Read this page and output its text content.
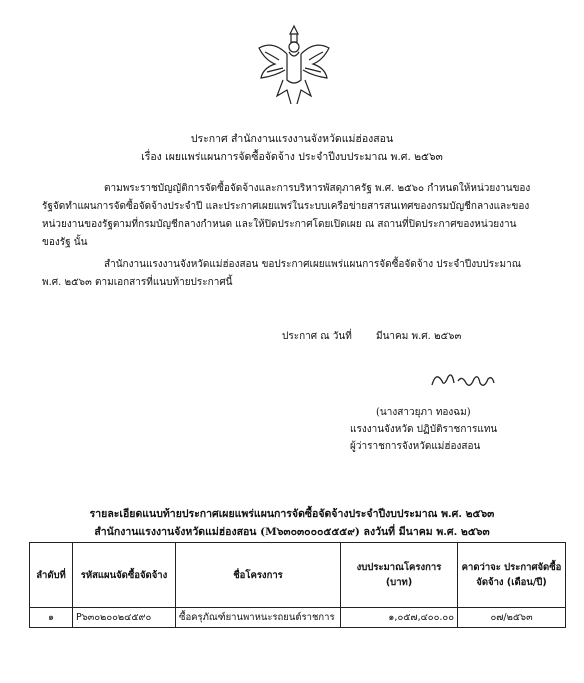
ประกาศ สำนักงานแรงงานจังหวัดแม่ฮ่องสอน
เรื่อง เผยแพร่แผนการจัดซื้อจัดจ้าง ประจำปีงบประมาณ พ.ศ. ๒๕๖๓
ตามพระราชบัญญัติการจัดซื้อจัดจ้างและการบริหารพัสดุภาครัฐ พ.ศ. ๒๕๖๐ กำหนดให้หน่วยงานของ
รัฐจัดทำแผนการจัดซื้อจัดจ้างประจำปี และประกาศเผยแพร่ในระบบเครือข่ายสารสนเทศของกรมบัญชีกลางและของ
หน่วยงานของรัฐตามที่กรมบัญชีกลางกำหนด และให้ปิดประกาศโดยเปิดเผย ณ สถานที่ปิดประกาศของหน่วยงาน
ของรัฐ นั้น
สำนักงานแรงงานจังหวัดแม่ฮ่องสอน ขอประกาศเผยแพร่แผนการจัดซื้อจัดจ้าง ประจำปีงบประมาณ
พ.ศ. ๒๕๖๓ ตามเอกสารที่แนบท้ายประกาศนี้
ประกาศ ณ วันที่ มีนาคม พ.ศ. ๒๕๖๓
(นางสาวยุภา ทองฉม)
แรงงานจังหวัด ปฏิบัติราชการแทน
ผู้ว่าราชการจังหวัดแม่ฮ่องสอน
รายละเอียดแนบท้ายประกาศเผยแพร่แผนการจัดซื้อจัดจ้างประจำปีงบประมาณ พ.ศ. ๒๕๖๓
สำนักงานแรงงานจังหวัดแม่ฮ่องสอน (M๖๓๐๓๐๐๐๕๕๕๙) ลงวันที่ มีนาคม พ.ศ. ๒๕๖๓
ลำดับที่	รหัสแผนจัดซื้อจัดจ้าง	ชื่อโครงการ	งบประมาณโครงการ (บาท)	คาดว่าจะ ประกาศจัดซื้อจัดจ้าง (เดือน/ปี)
๑	P๖๓๐๒๐๐๒๔๕๙๐	ซื้อครุภัณฑ์ยานพาหนะรถยนต์ราชการ	๑,๐๕๗,๔๐๐.๐๐	๐๗/๒๕๖๓
